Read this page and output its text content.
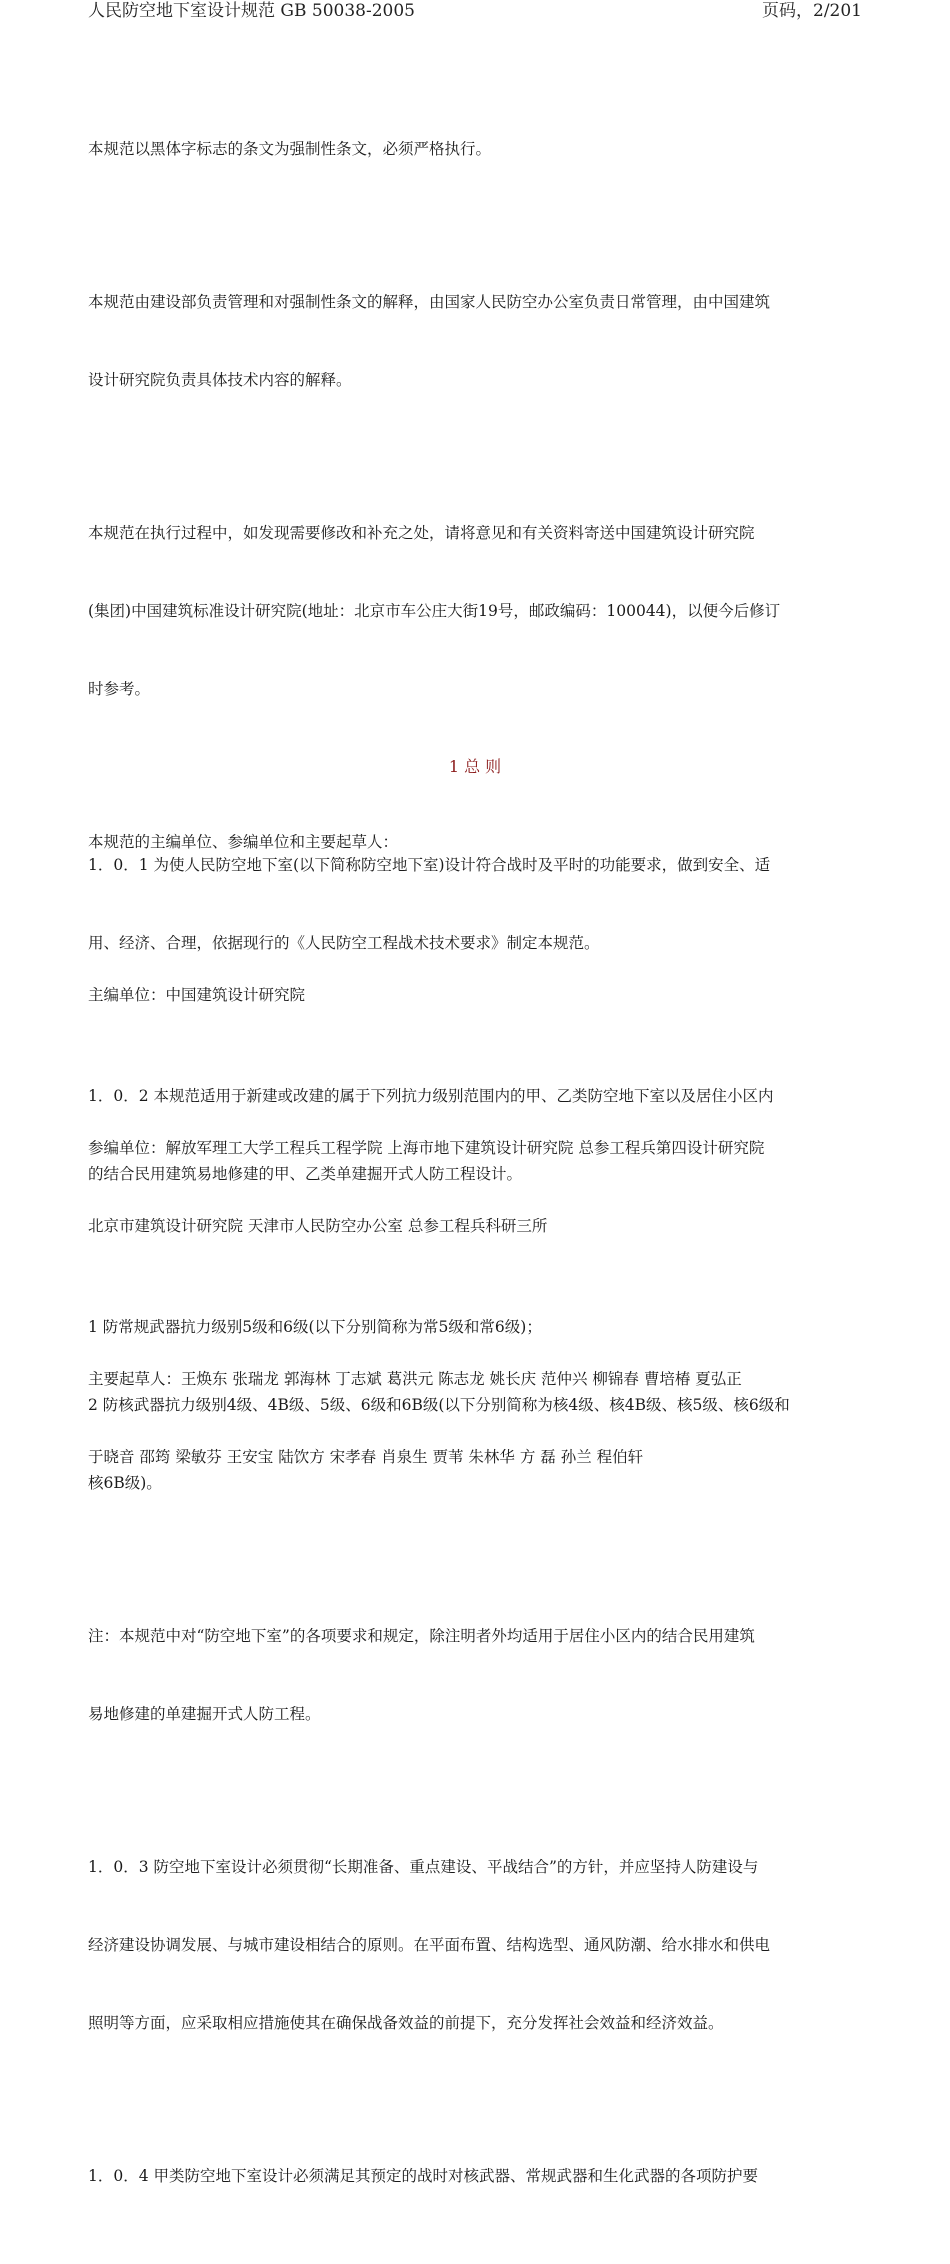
人民防空地下室设计规范 GB 50038-2005	页码，2/201

本规范以黑体字标志的条文为强制性条文，必须严格执行。

本规范由建设部负责管理和对强制性条文的解释，由国家人民防空办公室负责日常管理，由中国建筑

设计研究院负责具体技术内容的解释。

本规范在执行过程中，如发现需要修改和补充之处，请将意见和有关资料寄送中国建筑设计研究院

(集团)中国建筑标准设计研究院(地址：北京市车公庄大街19号，邮政编码：100044)，以便今后修订

时参考。

本规范的主编单位、参编单位和主要起草人：

主编单位：中国建筑设计研究院

参编单位：解放军理工大学工程兵工程学院 上海市地下建筑设计研究院 总参工程兵第四设计研究院

北京市建筑设计研究院 天津市人民防空办公室 总参工程兵科研三所

主要起草人：王焕东 张瑞龙 郭海林 丁志斌 葛洪元 陈志龙 姚长庆 范仲兴 柳锦春 曹培椿 夏弘正

于晓音 邵筠 梁敏芬 王安宝 陆饮方 宋孝春 肖泉生 贾苇 朱林华 方 磊 孙兰 程伯轩

1 总 则

1．0．1 为使人民防空地下室(以下简称防空地下室)设计符合战时及平时的功能要求，做到安全、适

用、经济、合理，依据现行的《人民防空工程战术技术要求》制定本规范。

1．0．2 本规范适用于新建或改建的属于下列抗力级别范围内的甲、乙类防空地下室以及居住小区内

的结合民用建筑易地修建的甲、乙类单建掘开式人防工程设计。

1 防常规武器抗力级别5级和6级(以下分别简称为常5级和常6级)；

2 防核武器抗力级别4级、4B级、5级、6级和6B级(以下分别简称为核4级、核4B级、核5级、核6级和

核6B级)。

注：本规范中对“防空地下室”的各项要求和规定，除注明者外均适用于居住小区内的结合民用建筑

易地修建的单建掘开式人防工程。

1．0．3 防空地下室设计必须贯彻“长期准备、重点建设、平战结合”的方针，并应坚持人防建设与

经济建设协调发展、与城市建设相结合的原则。在平面布置、结构选型、通风防潮、给水排水和供电

照明等方面，应采取相应措施使其在确保战备效益的前提下，充分发挥社会效益和经济效益。

1．0．4 甲类防空地下室设计必须满足其预定的战时对核武器、常规武器和生化武器的各项防护要
